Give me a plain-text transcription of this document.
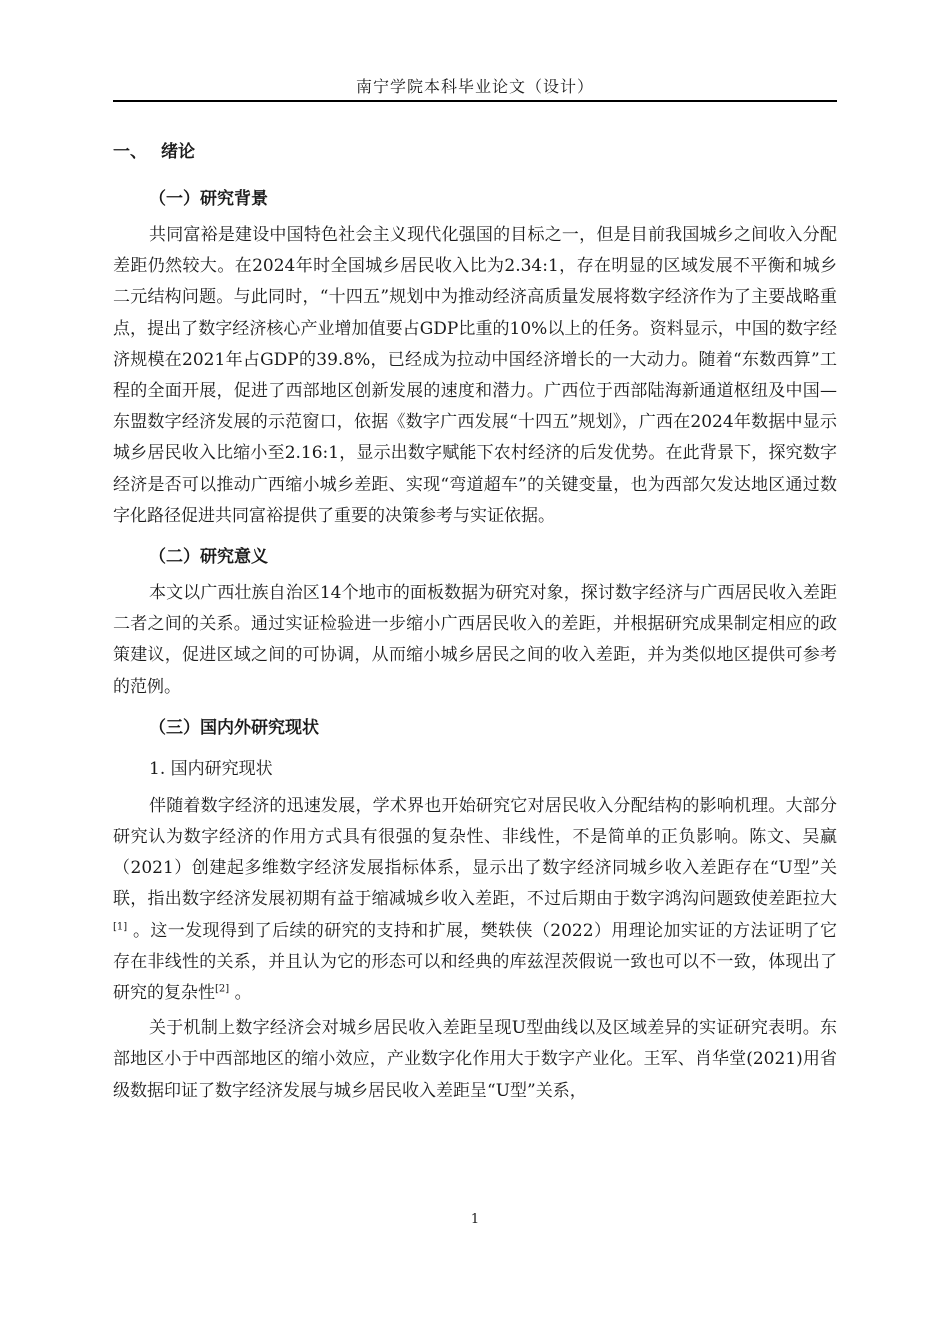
南宁学院本科毕业论文（设计）
一、 绪论
（一）研究背景

共同富裕是建设中国特色社会主义现代化强国的目标之一，但是目前我国城乡之间收入分配差距仍然较大。在2024年时全国城乡居民收入比为2.34:1，存在明显的区域发展不平衡和城乡二元结构问题。与此同时，“十四五”规划中为推动经济高质量发展将数字经济作为了主要战略重点，提出了数字经济核心产业增加值要占GDP比重的10%以上的任务。资料显示，中国的数字经济规模在2021年占GDP的39.8%，已经成为拉动中国经济增长的一大动力。随着“东数西算”工程的全面开展，促进了西部地区创新发展的速度和潜力。广西位于西部陆海新通道枢纽及中国—东盟数字经济发展的示范窗口，依据《数字广西发展“十四五”规划》，广西在2024年数据中显示城乡居民收入比缩小至2.16:1，显示出数字赋能下农村经济的后发优势。在此背景下，探究数字经济是否可以推动广西缩小城乡差距、实现“弯道超车”的关键变量，也为西部欠发达地区通过数字化路径促进共同富裕提供了重要的决策参考与实证依据。

（二）研究意义

本文以广西壮族自治区14个地市的面板数据为研究对象，探讨数字经济与广西居民收入差距二者之间的关系。通过实证检验进一步缩小广西居民收入的差距，并根据研究成果制定相应的政策建议，促进区域之间的可协调，从而缩小城乡居民之间的收入差距，并为类似地区提供可参考的范例。

（三）国内外研究现状
1. 国内研究现状

伴随着数字经济的迅速发展，学术界也开始研究它对居民收入分配结构的影响机理。大部分研究认为数字经济的作用方式具有很强的复杂性、非线性，不是简单的正负影响。陈文、吴赢（2021）创建起多维数字经济发展指标体系，显示出了数字经济同城乡收入差距存在“U型”关联，指出数字经济发展初期有益于缩减城乡收入差距，不过后期由于数字鸿沟问题致使差距拉大[1] 。这一发现得到了后续的研究的支持和扩展，樊轶侠（2022）用理论加实证的方法证明了它存在非线性的关系，并且认为它的形态可以和经典的库兹涅茨假说一致也可以不一致，体现出了研究的复杂性[2] 。

关于机制上数字经济会对城乡居民收入差距呈现U型曲线以及区域差异的实证研究表明。东部地区小于中西部地区的缩小效应，产业数字化作用大于数字产业化。王军、肖华堂(2021)用省级数据印证了数字经济发展与城乡居民收入差距呈“U型”关系，

1
